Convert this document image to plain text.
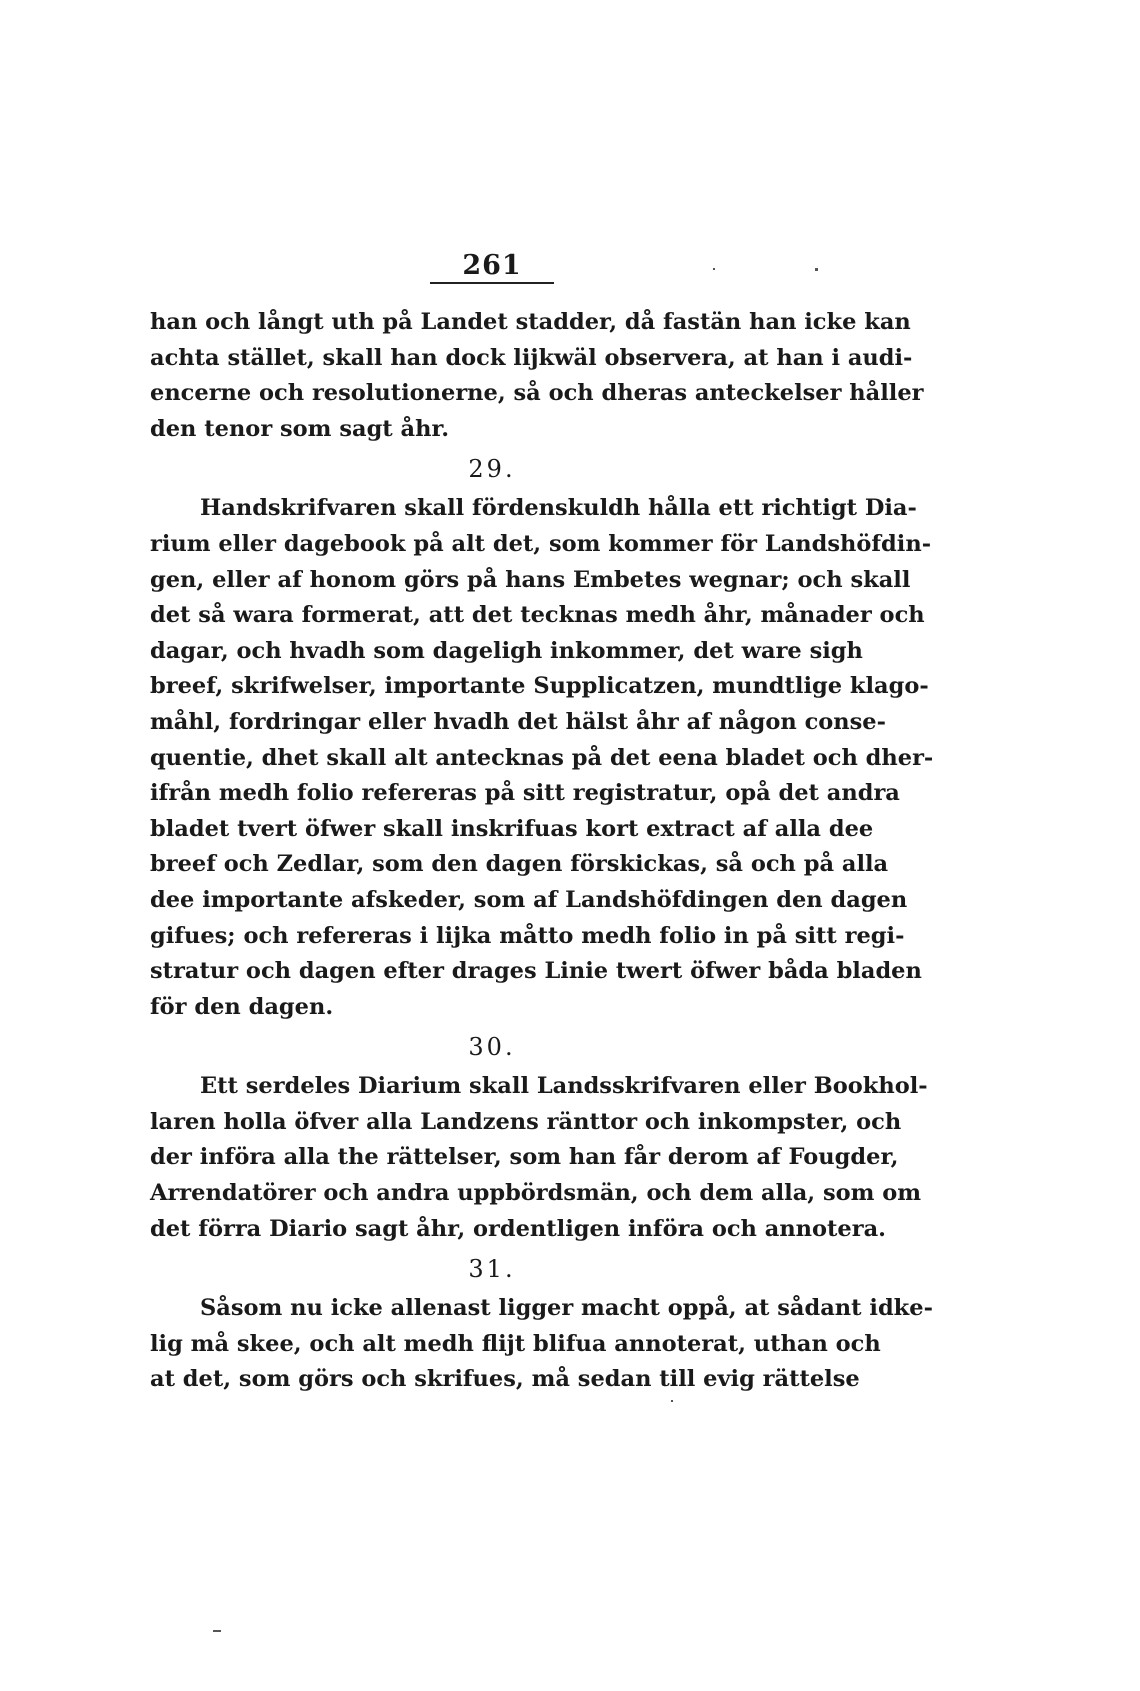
261
han och långt uth på Landet stadder, då fastän han icke kan
achta stället, skall han dock lijkwäl observera, at han i audi-
encerne och resolutionerne, så och dheras anteckelser håller
den tenor som sagt åhr.
29.
Handskrifvaren skall fördenskuldh hålla ett richtigt Dia-
rium eller dagebook på alt det, som kommer för Landshöfdin-
gen, eller af honom görs på hans Embetes wegnar; och skall
det så wara formerat, att det tecknas medh åhr, månader och
dagar, och hvadh som dageligh inkommer, det ware sigh
breef, skrifwelser, importante Supplicatzen, mundtlige klago-
måhl, fordringar eller hvadh det hälst åhr af någon conse-
quentie, dhet skall alt antecknas på det eena bladet och dher-
ifrån medh folio refereras på sitt registratur, opå det andra
bladet tvert öfwer skall inskrifuas kort extract af alla dee
breef och Zedlar, som den dagen förskickas, så och på alla
dee importante afskeder, som af Landshöfdingen den dagen
gifues; och refereras i lijka måtto medh folio in på sitt regi-
stratur och dagen efter drages Linie twert öfwer båda bladen
för den dagen.
30.
Ett serdeles Diarium skall Landsskrifvaren eller Bookhol-
laren holla öfver alla Landzens ränttor och inkompster, och
der införa alla the rättelser, som han får derom af Fougder,
Arrendatörer och andra uppbördsmän, och dem alla, som om
det förra Diario sagt åhr, ordentligen införa och annotera.
31.
Såsom nu icke allenast ligger macht oppå, at sådant idke-
lig må skee, och alt medh flijt blifua annoterat, uthan och
at det, som görs och skrifues, må sedan till evig rättelse
